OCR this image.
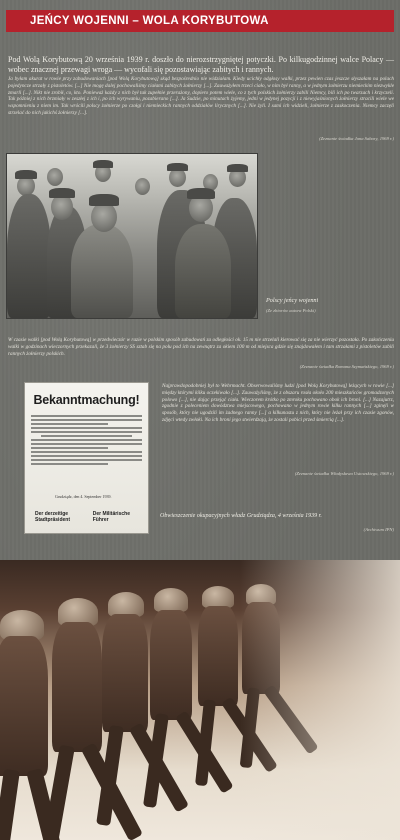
JEŃCY WOJENNI – WOLA KORYBUTOWA
Pod Wolą Korybutową 20 września 1939 r. doszło do nierozstrzygniętej potyczki. Po kilkugodzinnej walce Polacy — wobec znacznej przewagi wroga — wycofali się pozostawiając zabitych i rannych.
Ja byłam akurat w rowie przy zabudowaniach [pod Wolą Korybutową] skąd bezpośrednio nie widziałam. Kiedy ucichły odgłosy walki, przez pewien czas jeszcze słyszałam na polach pojedyncze strzały z pistoletów. [...] Nie mogę dalej pochowaliśmy ciałami zabitych żołnierzy [...]. Zauważyłem trzeci ciało, w nim był ranny, a w jednym żołnierzu niemieckim niezwykle zmarli [...]. Nikt nie zrobił, co, kto. Ponieważ każdy z nich był tak zupełnie przerażony, dopiero potem wiele, co z tych polskich żołnierzy zabili Niemcy, bili ich po twarzach i krzyczeli. Tak później z nich brzmiały w zeszłej z ich i, po ich wyrywaniu, pozabierano [...]. Ja Sudzie, po minutach żyjemy, jedni w jedynej pozycji i z niewyjaśnionych żołnierzy stracili wiele we wspomnieniu z niem im. Tak wrócili polscy żołnierze po czołgi i niemieckich rannych oddziałów lirycznych [...]. Nie żyli. I sami ich widzieli, żołnierze z zaskoczenia. Niemcy zaczęli strzelać do nich jakichś żołnierzy [...].
(Zeznanie świadka Jana Sabary, 1969 r.)
Polscy jeńcy wojenni
(Ze zbiorów autora Polski)
W czasie walki [pod Wolą Korybutową] w przedwieczór w razie w polskim sposób zabudowań za odległości ok. 15 m nie strzelali kierować się za nie wierzyć pozostała. Po zakończeniu walki w godzinach wieczornych przekazali, że 3 żołnierzy SS sztab się na polu pod ich na zewnątrz za okiem 100 m od miejsca gdzie się znajdowałem i tam strzałami z pistoletów zabili rannych żołnierzy polskich.
(Zeznanie świadka Romana Szymańskiego, 1969 r.)
Bekanntmachung!
Grudziądz, den 4. September 1939.
Der derzeitige Stadtpräsident
Der Militärische Führer
Najprawdopodobniej był to Wehrmacht. Obserwowaliśmy ludzi [pod Wolą Korybutową] leżących w rowie [...] między którymi kilku oczekiwało [...]. Zauważyliśmy, że z obszaru rosła około 200 mieszkańców gromadzonych polowo [...], nie dając przejąć ciała. Wieczorem krótko po zmroku pochowano obok ich broni. [...] Nazajutrz, zgodnie z poleceniem dowództwa miejscowego, pochowano w jednym rowie kilku rannych [...] zginęli w sposób, który nie ugodzili im żadnego ranny [...] a kilkunastu z nich, który nie leżał przy ich czasie zgonów, zdjęci wtedy zwłoki. Na ich broni jego stwierdzają, że zostali pobici przed śmiercią [...].
(Zeznanie świadka Władysława Ustowskiego, 1969 r.)
Obwieszczenie okupacyjnych władz Grudziądza, 4 września 1939 r.
(Archiwum IPN)
